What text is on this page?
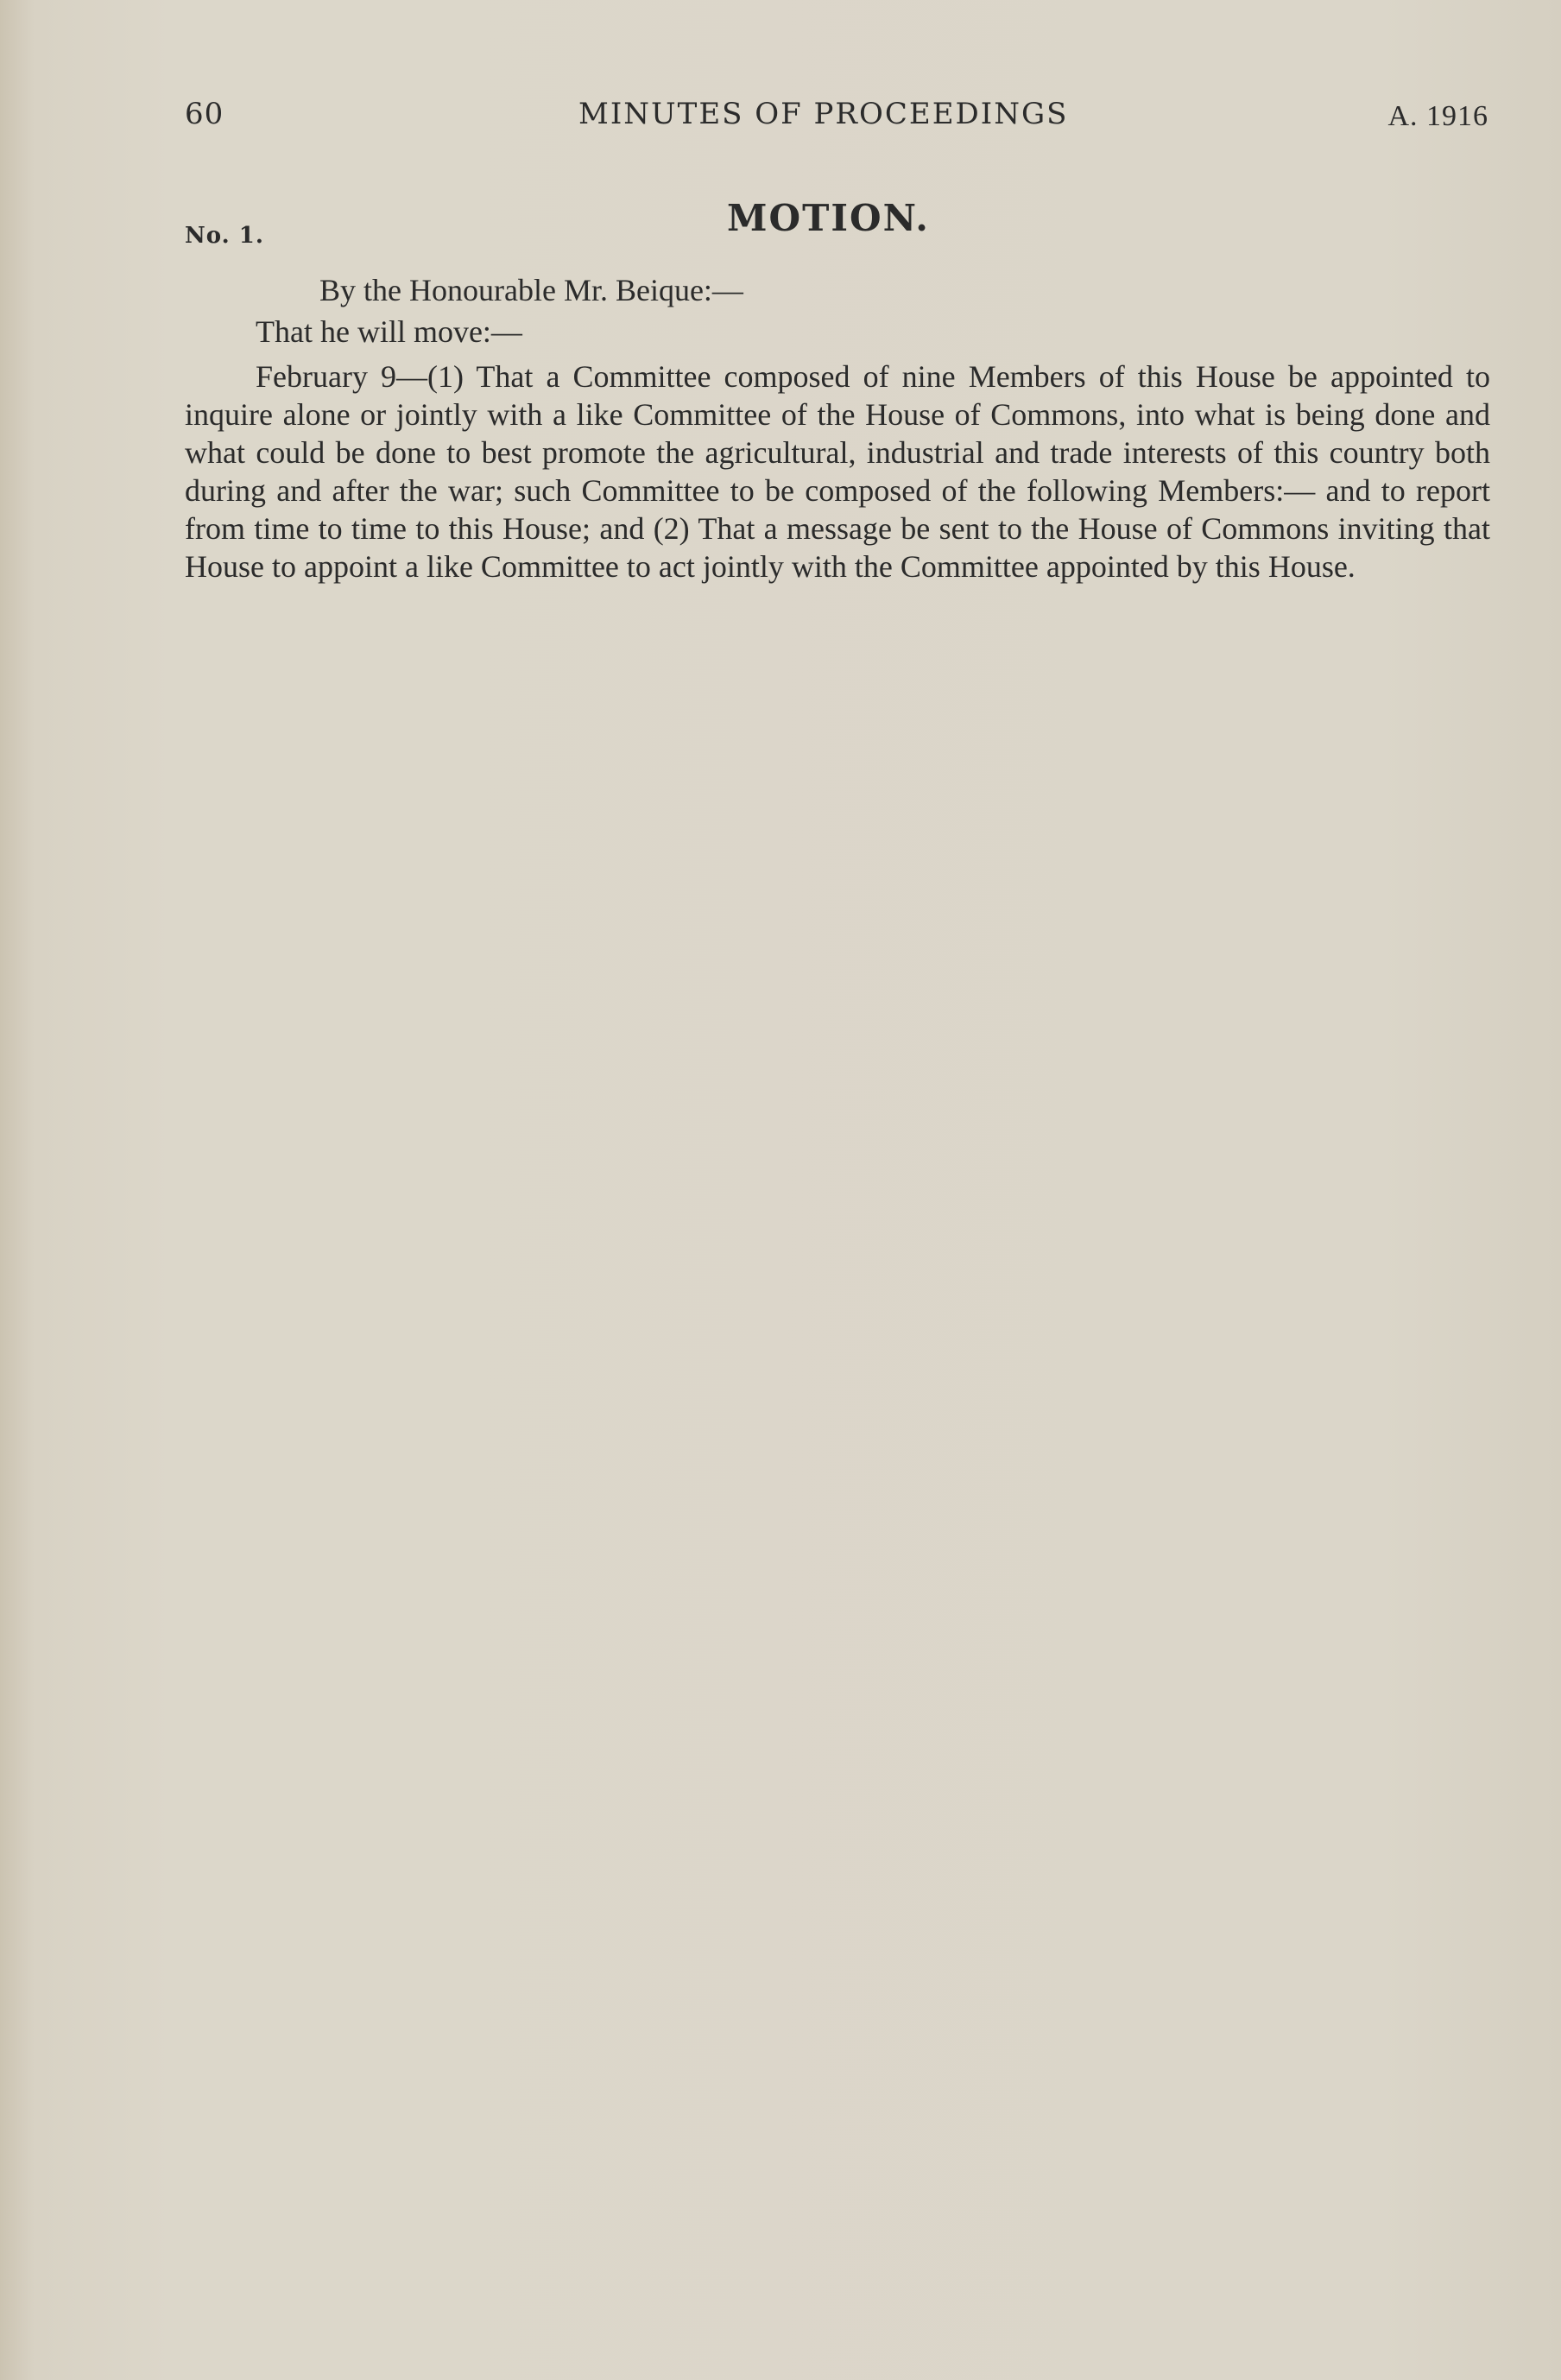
60	MINUTES OF PROCEEDINGS	A. 1916
MOTION.
No. 1.
By the Honourable Mr. Beique:—
That he will move:—
February 9—(1) That a Committee composed of nine Members of this House be appointed to inquire alone or jointly with a like Committee of the House of Commons, into what is being done and what could be done to best promote the agricultural, industrial and trade interests of this country both during and after the war; such Committee to be composed of the following Members:— and to report from time to time to this House; and (2) That a message be sent to the House of Commons inviting that House to appoint a like Committee to act jointly with the Committee appointed by this House.
